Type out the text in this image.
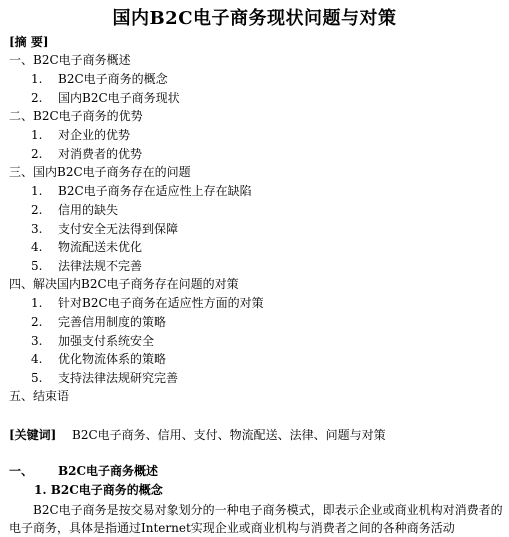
国内B2C电子商务现状问题与对策
[摘 要]
一、B2C电子商务概述
1. B2C电子商务的概念
2. 国内B2C电子商务现状
二、B2C电子商务的优势
1. 对企业的优势
2. 对消费者的优势
三、国内B2C电子商务存在的问题
1. B2C电子商务存在适应性上存在缺陷
2. 信用的缺失
3. 支付安全无法得到保障
4. 物流配送未优化
5. 法律法规不完善
四、解决国内B2C电子商务存在问题的对策
1. 针对B2C电子商务在适应性方面的对策
2. 完善信用制度的策略
3. 加强支付系统安全
4. 优化物流体系的策略
5. 支持法律法规研究完善
五、结束语
[关键词] B2C电子商务、信用、支付、物流配送、法律、问题与对策
一、 B2C电子商务概述
1. B2C电子商务的概念
B2C电子商务是按交易对象划分的一种电子商务模式，即表示企业或商业机构对消费者的电子商务，具体是指通过Internet实现企业或商业机构与消费者之间的各种商务活动
